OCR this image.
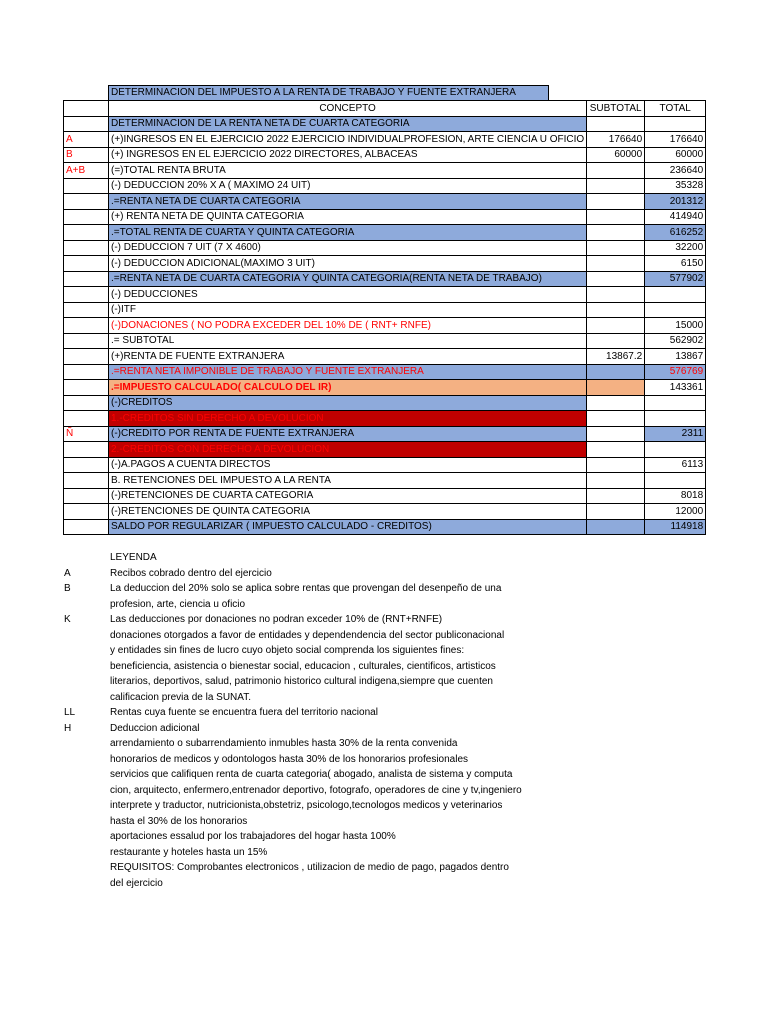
DETERMINACION DEL IMPUESTO A LA RENTA DE TRABAJO Y FUENTE EXTRANJERA
	CONCEPTO	SUBTOTAL	TOTAL
	DETERMINACION DE LA RENTA NETA DE CUARTA CATEGORIA		
A	(+)INGRESOS EN EL EJERCICIO 2022 EJERCICIO INDIVIDUALPROFESION, ARTE CIENCIA U OFICIO	176640	176640
B	(+) INGRESOS EN EL EJERCICIO 2022 DIRECTORES, ALBACEAS	60000	60000
A+B	(=)TOTAL RENTA BRUTA		236640
	(-) DEDUCCION 20% X A ( MAXIMO 24 UIT)		35328
	.=RENTA NETA DE CUARTA CATEGORIA		201312
	(+) RENTA NETA DE QUINTA CATEGORIA		414940
	.=TOTAL RENTA DE CUARTA Y QUINTA CATEGORIA		616252
	(-) DEDUCCION 7 UIT (7 X 4600)		32200
	(-) DEDUCCION ADICIONAL(MAXIMO 3 UIT)		6150
	.=RENTA NETA DE CUARTA CATEGORIA Y QUINTA CATEGORIA(RENTA NETA DE TRABAJO)		577902
	(-) DEDUCCIONES		
	(-)ITF		
	(-)DONACIONES ( NO PODRA EXCEDER DEL 10% DE ( RNT+ RNFE)		15000
	.= SUBTOTAL		562902
	(+)RENTA DE FUENTE EXTRANJERA	13867.2	13867
	.=RENTA NETA IMPONIBLE DE TRABAJO Y FUENTE EXTRANJERA		576769
	.=IMPUESTO CALCULADO( CALCULO DEL IR)		143361
	(-)CREDITOS		
	1.-CREDITOS SIN DERECHO A DEVOLUCION		
Ñ	(-)CREDITO POR RENTA DE FUENTE EXTRANJERA		2311
	2.-CREDITOS CON DERECHO A DEVOLUCION		
	(-)A.PAGOS A CUENTA DIRECTOS		6113
	B. RETENCIONES DEL IMPUESTO A LA RENTA		
	(-)RETENCIONES DE CUARTA CATEGORIA		8018
	(-)RETENCIONES DE QUINTA CATEGORIA		12000
	SALDO POR REGULARIZAR ( IMPUESTO CALCULADO - CREDITOS)		114918
LEYENDA
A	Recibos cobrado dentro del ejercicio
B	La deduccion del 20% solo se aplica sobre rentas que provengan del desenpeño de una
profesion, arte, ciencia u oficio
K	Las deducciones por donaciones no podran exceder 10% de (RNT+RNFE)
donaciones otorgados a favor de entidades y dependendencia del sector publiconacional
y entidades sin fines de lucro cuyo objeto social comprenda los siguientes fines:
beneficiencia, asistencia o bienestar social, educacion , culturales, cientificos, artisticos
literarios, deportivos, salud, patrimonio historico cultural indigena,siempre que cuenten
calificacion previa de la SUNAT.
LL	Rentas cuya fuente se encuentra fuera del territorio nacional
H	Deduccion adicional
arrendamiento o subarrendamiento inmubles hasta 30% de la renta convenida
honorarios de medicos y odontologos hasta 30% de los honorarios profesionales
servicios que califiquen renta de cuarta categoria( abogado, analista de sistema y computa
cion, arquitecto, enfermero,entrenador deportivo, fotografo, operadores de cine y tv,ingeniero
interprete y traductor, nutricionista,obstetriz, psicologo,tecnologos medicos y veterinarios
hasta el 30% de los honorarios
aportaciones essalud por los trabajadores del hogar hasta 100%
restaurante y hoteles hasta un 15%
REQUISITOS: Comprobantes electronicos , utilizacion de medio de pago, pagados dentro
del ejercicio
